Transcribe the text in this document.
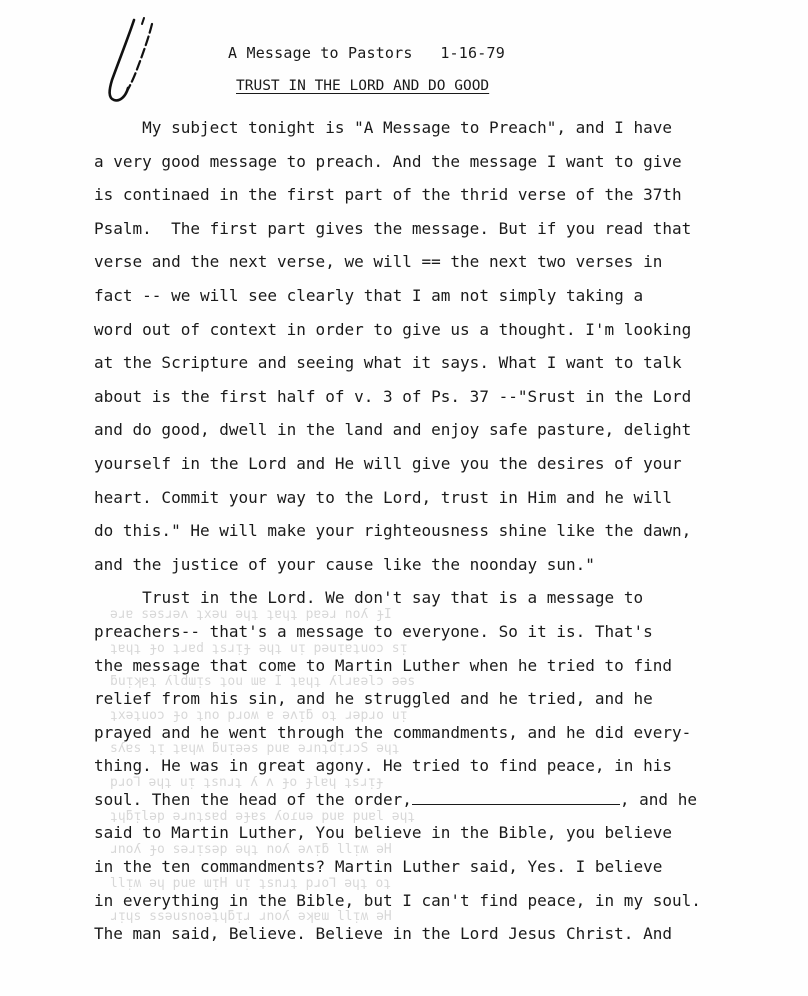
A Message to Pastors 1-16-79
TRUST IN THE LORD AND DO GOOD
My subject tonight is "A Message to Preach", and I have
a very good message to preach. And the message I want to give
is continaed in the first part of the thrid verse of the 37th
Psalm.  The first part gives the message. But if you read that
verse and the next verse, we will == the next two verses in
fact -- we will see clearly that I am not simply taking a
word out of context in order to give us a thought. I'm looking
at the Scripture and seeing what it says. What I want to talk
about is the first half of v. 3 of Ps. 37 --"Srust in the Lord
and do good, dwell in the land and enjoy safe pasture, delight
yourself in the Lord and He will give you the desires of your
heart. Commit your way to the Lord, trust in Him and he will
do this." He will make your righteousness shine like the dawn,
and the justice of your cause like the noonday sun."
Trust in the Lord. We don't say that is a message to
preachers-- that's a message to everyone. So it is. That's
the message that come to Martin Luther when he tried to find
relief from his sin, and he struggled and he tried, and he
prayed and he went through the commandments, and he did every-
thing. He was in great agony. He tried to find peace, in his
soul. Then the head of the order,	, and he
said to Martin Luther, You believe in the Bible, you believe
in the ten commandments? Martin Luther said, Yes. I believe
in everything in the Bible, but I can't find peace, in my soul.
The man said, Believe. Believe in the Lord Jesus Christ. And
ǝɹɐ sǝsɹǝʌ ʇxǝu ǝɥʇ ʇɐɥʇ pɐǝɹ noʎ ɟI
ʇɐɥʇ ɟo ʇɹɐd ʇsɹᴉɟ ǝɥʇ uᴉ pǝuᴉɐʇuoɔ sᴉ
ƃuᴉʞɐʇ ʎldɯᴉs ʇou ɯɐ I ʇɐɥʇ ʎlɹɐǝlɔ ǝǝs
ʇxǝʇuoɔ ɟo ʇno pɹoʍ ɐ ǝʌᴉƃ oʇ ɹǝpɹo uᴉ
sʎɐs ʇᴉ ʇɐɥʍ ƃuᴉǝǝs puɐ ǝɹnʇdᴉɹɔS ǝɥʇ
pɹoꞀ ǝɥʇ uᴉ ʇsnɹʇ ʎ ʌ ɟo ɟlɐɥ ʇsɹᴉɟ
ʇɥƃᴉlǝp ǝɹnʇsɐd ǝɟɐs ʎoɾuǝ puɐ puɐl ǝɥʇ
ɹnoʎ ɟo sǝɹᴉsǝp ǝɥʇ noʎ ǝʌᴉƃ llᴉʍ ǝH
llᴉʍ ǝɥ puɐ ɯᴉH uᴉ ʇsnɹʇ pɹoꞀ ǝɥʇ oʇ
ɹᴉɥs ssǝusnoǝʇɥƃᴉɹ ɹnoʎ ǝʞɐɯ llᴉʍ ǝH
